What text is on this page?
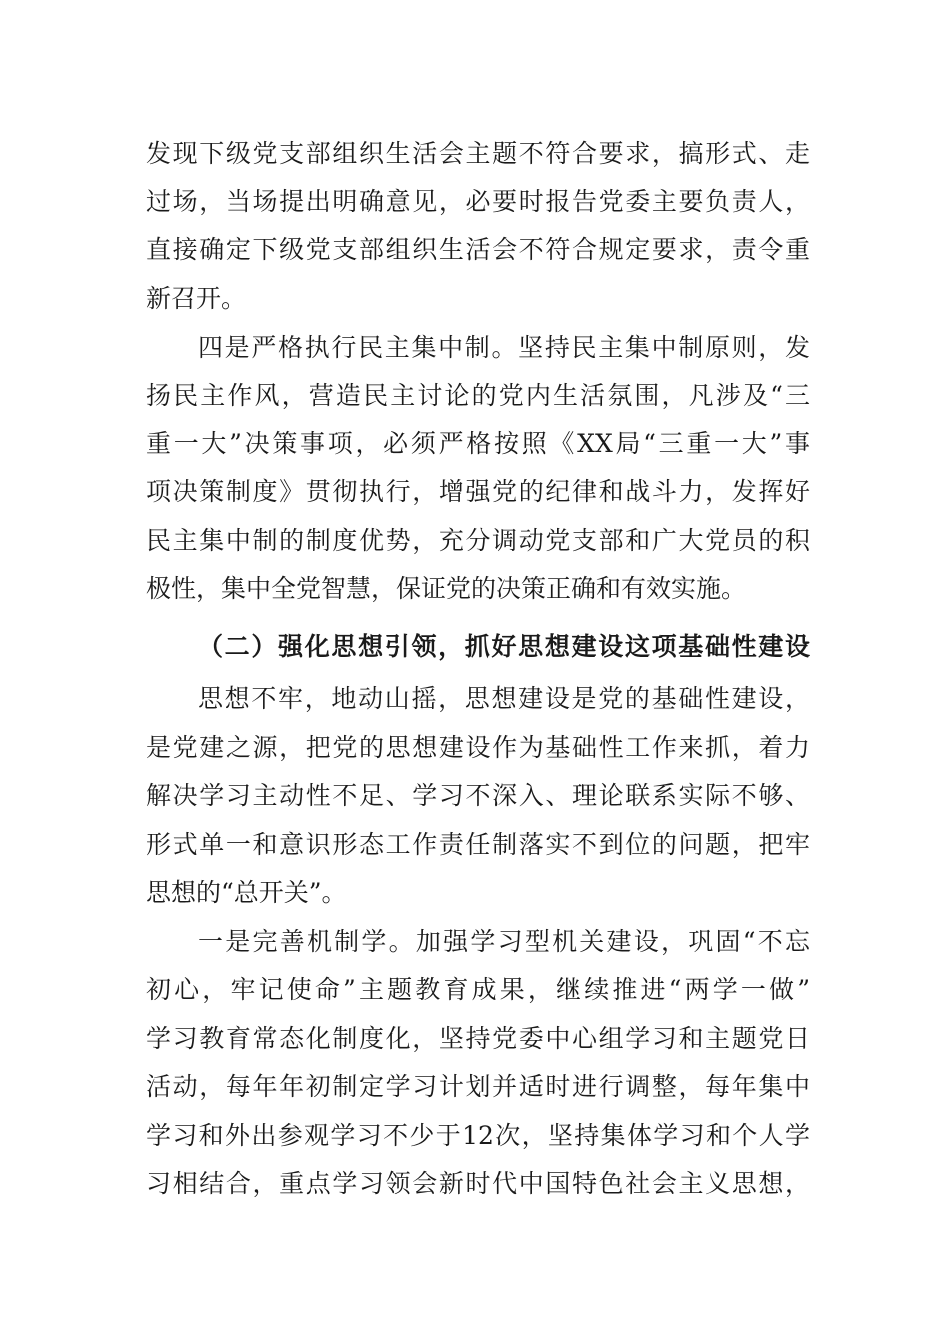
发现下级党支部组织生活会主题不符合要求，搞形式、走
过场，当场提出明确意见，必要时报告党委主要负责人，
直接确定下级党支部组织生活会不符合规定要求，责令重
新召开。
四是严格执行民主集中制。坚持民主集中制原则，发
扬民主作风，营造民主讨论的党内生活氛围，凡涉及“三
重一大”决策事项，必须严格按照《XX局“三重一大”事
项决策制度》贯彻执行，增强党的纪律和战斗力，发挥好
民主集中制的制度优势，充分调动党支部和广大党员的积
极性，集中全党智慧，保证党的决策正确和有效实施。
（二）强化思想引领，抓好思想建设这项基础性建设
思想不牢，地动山摇，思想建设是党的基础性建设，
是党建之源，把党的思想建设作为基础性工作来抓，着力
解决学习主动性不足、学习不深入、理论联系实际不够、
形式单一和意识形态工作责任制落实不到位的问题，把牢
思想的“总开关”。
一是完善机制学。加强学习型机关建设，巩固“不忘
初心，牢记使命”主题教育成果，继续推进“两学一做”
学习教育常态化制度化，坚持党委中心组学习和主题党日
活动，每年年初制定学习计划并适时进行调整，每年集中
学习和外出参观学习不少于12次，坚持集体学习和个人学
习相结合，重点学习领会新时代中国特色社会主义思想，
